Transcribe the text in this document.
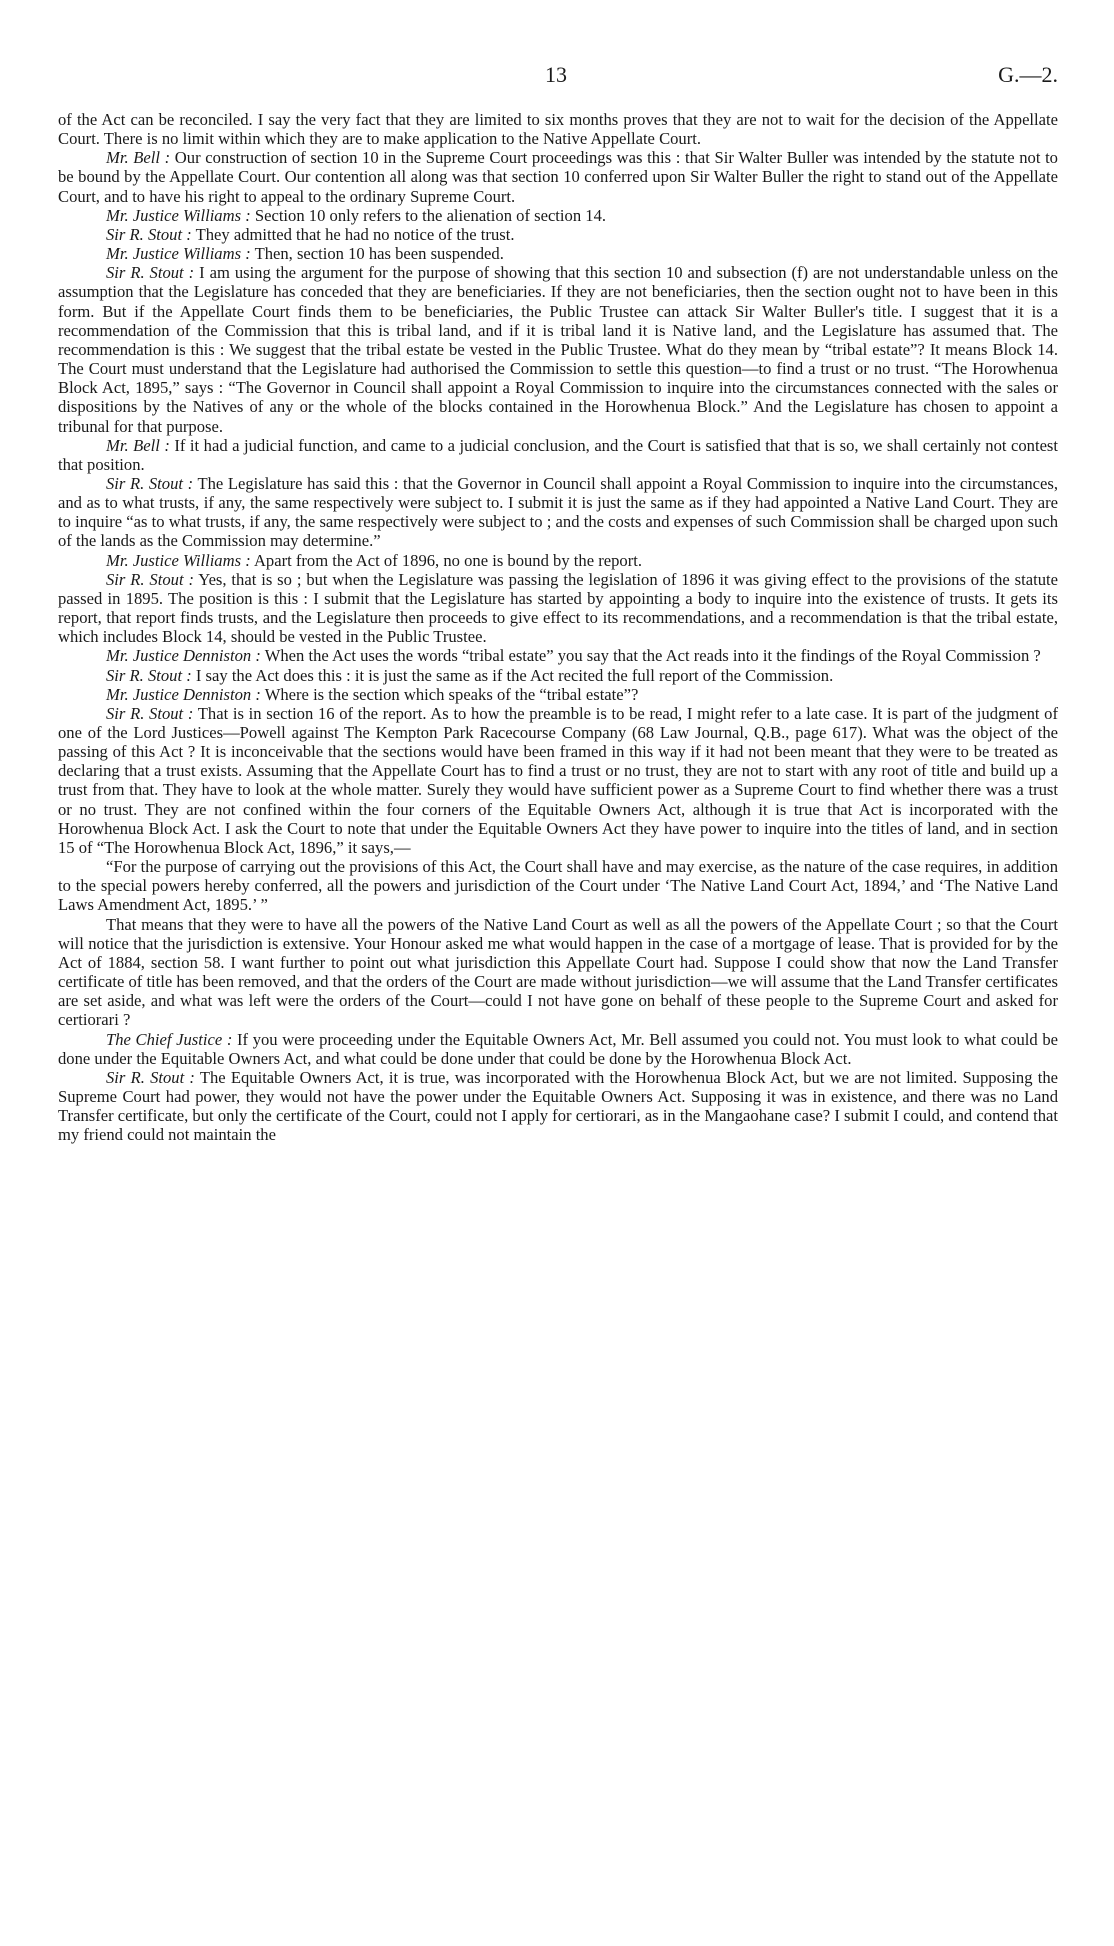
13	G.—2.

of the Act can be reconciled. I say the very fact that they are limited to six months proves that they are not to wait for the decision of the Appellate Court. There is no limit within which they are to make application to the Native Appellate Court.

Mr. Bell : Our construction of section 10 in the Supreme Court proceedings was this : that Sir Walter Buller was intended by the statute not to be bound by the Appellate Court. Our contention all along was that section 10 conferred upon Sir Walter Buller the right to stand out of the Appellate Court, and to have his right to appeal to the ordinary Supreme Court.

Mr. Justice Williams : Section 10 only refers to the alienation of section 14.

Sir R. Stout : They admitted that he had no notice of the trust.

Mr. Justice Williams : Then, section 10 has been suspended.

Sir R. Stout : I am using the argument for the purpose of showing that this section 10 and subsection (f) are not understandable unless on the assumption that the Legislature has conceded that they are beneficiaries. If they are not beneficiaries, then the section ought not to have been in this form. But if the Appellate Court finds them to be beneficiaries, the Public Trustee can attack Sir Walter Buller's title. I suggest that it is a recommendation of the Commission that this is tribal land, and if it is tribal land it is Native land, and the Legislature has assumed that. The recommendation is this : We suggest that the tribal estate be vested in the Public Trustee. What do they mean by “tribal estate”? It means Block 14. The Court must understand that the Legislature had authorised the Commission to settle this question—to find a trust or no trust. “The Horowhenua Block Act, 1895,” says : “The Governor in Council shall appoint a Royal Commission to inquire into the circumstances connected with the sales or dispositions by the Natives of any or the whole of the blocks contained in the Horowhenua Block.” And the Legislature has chosen to appoint a tribunal for that purpose.

Mr. Bell : If it had a judicial function, and came to a judicial conclusion, and the Court is satisfied that that is so, we shall certainly not contest that position.

Sir R. Stout : The Legislature has said this : that the Governor in Council shall appoint a Royal Commission to inquire into the circumstances, and as to what trusts, if any, the same respectively were subject to. I submit it is just the same as if they had appointed a Native Land Court. They are to inquire “as to what trusts, if any, the same respectively were subject to ; and the costs and expenses of such Commission shall be charged upon such of the lands as the Commission may determine.”

Mr. Justice Williams : Apart from the Act of 1896, no one is bound by the report.

Sir R. Stout : Yes, that is so ; but when the Legislature was passing the legislation of 1896 it was giving effect to the provisions of the statute passed in 1895. The position is this : I submit that the Legislature has started by appointing a body to inquire into the existence of trusts. It gets its report, that report finds trusts, and the Legislature then proceeds to give effect to its recommendations, and a recommendation is that the tribal estate, which includes Block 14, should be vested in the Public Trustee.

Mr. Justice Denniston : When the Act uses the words “tribal estate” you say that the Act reads into it the findings of the Royal Commission ?

Sir R. Stout : I say the Act does this : it is just the same as if the Act recited the full report of the Commission.

Mr. Justice Denniston : Where is the section which speaks of the “tribal estate”?

Sir R. Stout : That is in section 16 of the report. As to how the preamble is to be read, I might refer to a late case. It is part of the judgment of one of the Lord Justices—Powell against The Kempton Park Racecourse Company (68 Law Journal, Q.B., page 617). What was the object of the passing of this Act ? It is inconceivable that the sections would have been framed in this way if it had not been meant that they were to be treated as declaring that a trust exists. Assuming that the Appellate Court has to find a trust or no trust, they are not to start with any root of title and build up a trust from that. They have to look at the whole matter. Surely they would have sufficient power as a Supreme Court to find whether there was a trust or no trust. They are not confined within the four corners of the Equitable Owners Act, although it is true that Act is incorporated with the Horowhenua Block Act. I ask the Court to note that under the Equitable Owners Act they have power to inquire into the titles of land, and in section 15 of “The Horowhenua Block Act, 1896,” it says,—

“For the purpose of carrying out the provisions of this Act, the Court shall have and may exercise, as the nature of the case requires, in addition to the special powers hereby conferred, all the powers and jurisdiction of the Court under ‘The Native Land Court Act, 1894,’ and ‘The Native Land Laws Amendment Act, 1895.’ ”

That means that they were to have all the powers of the Native Land Court as well as all the powers of the Appellate Court ; so that the Court will notice that the jurisdiction is extensive. Your Honour asked me what would happen in the case of a mortgage of lease. That is provided for by the Act of 1884, section 58. I want further to point out what jurisdiction this Appellate Court had. Suppose I could show that now the Land Transfer certificate of title has been removed, and that the orders of the Court are made without jurisdiction—we will assume that the Land Transfer certificates are set aside, and what was left were the orders of the Court—could I not have gone on behalf of these people to the Supreme Court and asked for certiorari ?

The Chief Justice : If you were proceeding under the Equitable Owners Act, Mr. Bell assumed you could not. You must look to what could be done under the Equitable Owners Act, and what could be done under that could be done by the Horowhenua Block Act.

Sir R. Stout : The Equitable Owners Act, it is true, was incorporated with the Horowhenua Block Act, but we are not limited. Supposing the Supreme Court had power, they would not have the power under the Equitable Owners Act. Supposing it was in existence, and there was no Land Transfer certificate, but only the certificate of the Court, could not I apply for certiorari, as in the Mangaohane case? I submit I could, and contend that my friend could not maintain the
